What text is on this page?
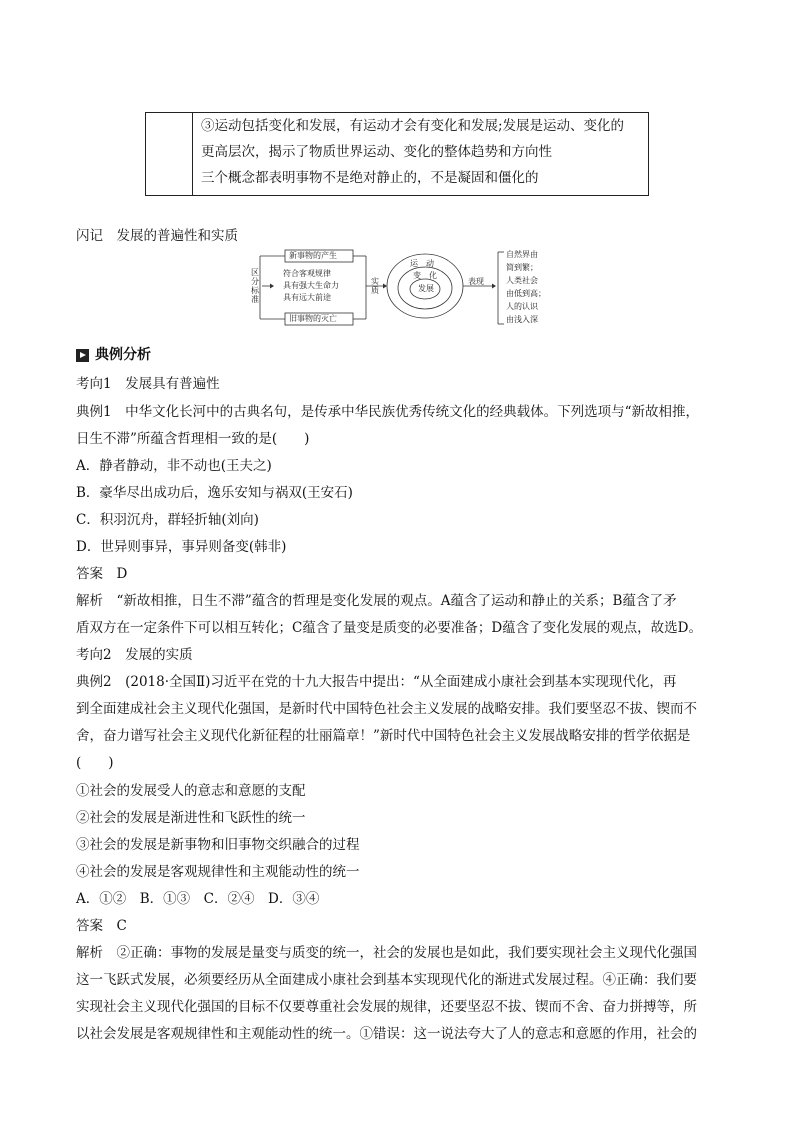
③运动包括变化和发展，有运动才会有变化和发展;发展是运动、变化的
更高层次，揭示了物质世界运动、变化的整体趋势和方向性
三个概念都表明事物不是绝对静止的，不是凝固和僵化的
闪记　发展的普遍性和实质
区
分
标
准
新事物的产生
符合客观规律
具有强大生命力
具有远大前途
旧事物的灭亡
实
质
运　动
变　化
发展
表现
自然界由
简到繁；
人类社会
由低到高；
人的认识
由浅入深
典例分析
考向1　发展具有普遍性
典例1　中华文化长河中的古典名句，是传承中华民族优秀传统文化的经典载体。下列选项与“新故相推，
日生不滞”所蕴含哲理相一致的是(　　)
A．静者静动，非不动也(王夫之)
B．豪华尽出成功后，逸乐安知与祸双(王安石)
C．积羽沉舟，群轻折轴(刘向)
D．世异则事异，事异则备变(韩非)
答案　D
解析　“新故相推，日生不滞”蕴含的哲理是变化发展的观点。A蕴含了运动和静止的关系；B蕴含了矛
盾双方在一定条件下可以相互转化；C蕴含了量变是质变的必要准备；D蕴含了变化发展的观点，故选D。
考向2　发展的实质
典例2　(2018·全国Ⅱ)习近平在党的十九大报告中提出：“从全面建成小康社会到基本实现现代化，再
到全面建成社会主义现代化强国，是新时代中国特色社会主义发展的战略安排。我们要坚忍不拔、锲而不
舍，奋力谱写社会主义现代化新征程的壮丽篇章！”新时代中国特色社会主义发展战略安排的哲学依据是
(　　)
①社会的发展受人的意志和意愿的支配
②社会的发展是渐进性和飞跃性的统一
③社会的发展是新事物和旧事物交织融合的过程
④社会的发展是客观规律性和主观能动性的统一
A．①②　B．①③　C．②④　D．③④
答案　C
解析　②正确：事物的发展是量变与质变的统一，社会的发展也是如此，我们要实现社会主义现代化强国
这一飞跃式发展，必须要经历从全面建成小康社会到基本实现现代化的渐进式发展过程。④正确：我们要
实现社会主义现代化强国的目标不仅要尊重社会发展的规律，还要坚忍不拔、锲而不舍、奋力拼搏等，所
以社会发展是客观规律性和主观能动性的统一。①错误：这一说法夸大了人的意志和意愿的作用，社会的
